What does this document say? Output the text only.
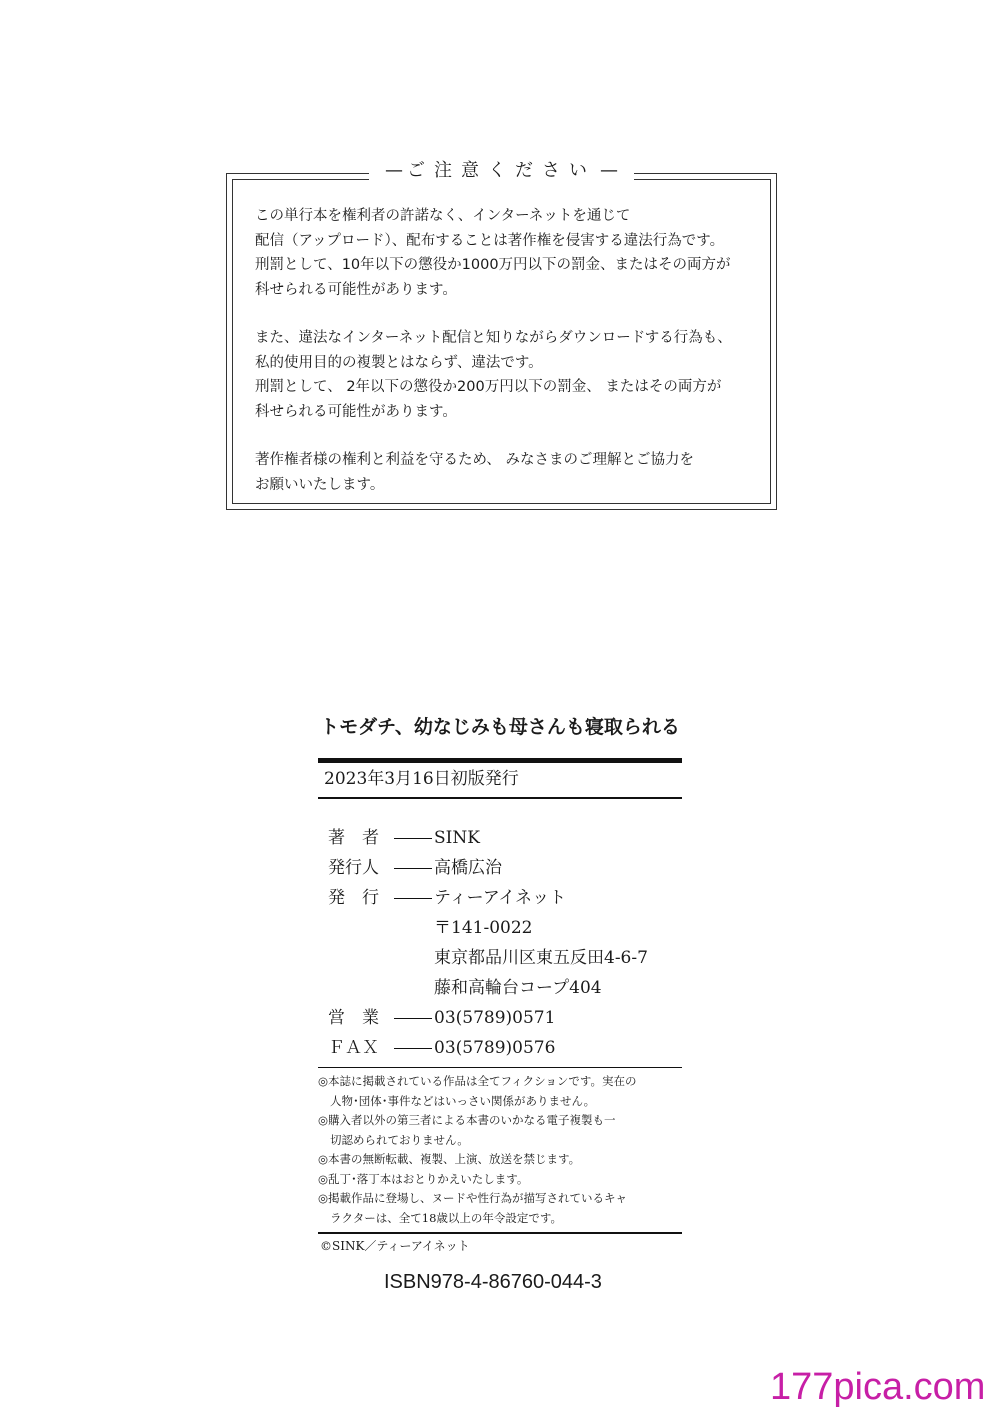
— ご注意ください —
この単行本を権利者の許諾なく、インターネットを通じて
配信（アップロード）、配布することは著作権を侵害する違法行為です。
刑罰として、10年以下の懲役か1000万円以下の罰金、またはその両方が
科せられる可能性があります。
また、違法なインターネット配信と知りながらダウンロードする行為も、
私的使用目的の複製とはならず、違法です。
刑罰として、 2年以下の懲役か200万円以下の罰金、 またはその両方が
科せられる可能性があります。
著作権者様の権利と利益を守るため、 みなさまのご理解とご協力を
お願いいたします。
トモダチ、幼なじみも母さんも寝取られる
2023年3月16日初版発行
著　者	SINK
発行人	高橋広治
発　行	ティーアイネット
〒141-0022
東京都品川区東五反田4-6-7
藤和高輪台コープ404
営　業	03(5789)0571
ＦＡＸ	03(5789)0576
◎本誌に掲載されている作品は全てフィクションです。実在の
人物･団体･事件などはいっさい関係がありません。
◎購入者以外の第三者による本書のいかなる電子複製も一
切認められておりません。
◎本書の無断転載、複製、上演、放送を禁じます。
◎乱丁･落丁本はおとりかえいたします。
◎掲載作品に登場し、ヌードや性行為が描写されているキャ
ラクターは、全て18歳以上の年令設定です。
©SINK／ティーアイネット
ISBN978-4-86760-044-3
177pica.com
